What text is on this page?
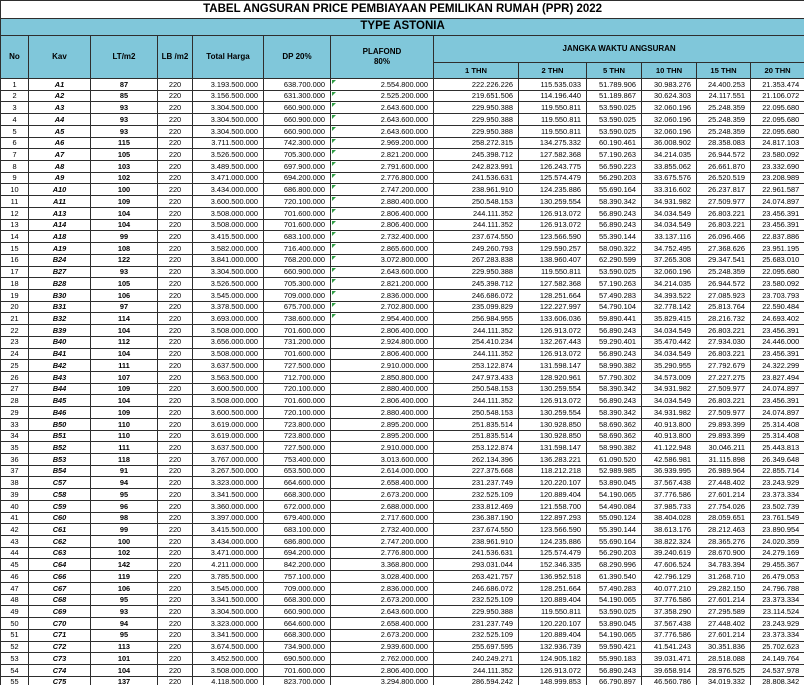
TABEL ANGSURAN PRICE PEMBIAYAAN PEMILIKAN RUMAH (PPR) 2022												
TYPE ASTONIA												
No	Kav	LT/m2	LB /m2	Total Harga	DP 20%	PLAFOND
80%	JANGKA WAKTU ANGSURAN					
							1 THN	2 THN	5 THN	10 THN	15 THN	20 THN
1	A1	87	220	3.193.500.000	638.700.000	2.554.800.000	222.226.226	115.535.033	51.789.906	30.983.276	24.400.253	21.353.474
2	A2	85	220	3.156.500.000	631.300.000	2.525.200.000	219.651.506	114.196.440	51.189.867	30.624.303	24.117.551	21.106.072
3	A3	93	220	3.304.500.000	660.900.000	2.643.600.000	229.950.388	119.550.811	53.590.025	32.060.196	25.248.359	22.095.680
4	A4	93	220	3.304.500.000	660.900.000	2.643.600.000	229.950.388	119.550.811	53.590.025	32.060.196	25.248.359	22.095.680
5	A5	93	220	3.304.500.000	660.900.000	2.643.600.000	229.950.388	119.550.811	53.590.025	32.060.196	25.248.359	22.095.680
6	A6	115	220	3.711.500.000	742.300.000	2.969.200.000	258.272.315	134.275.332	60.190.461	36.008.902	28.358.083	24.817.103
7	A7	105	220	3.526.500.000	705.300.000	2.821.200.000	245.398.712	127.582.368	57.190.263	34.214.035	26.944.572	23.580.092
8	A8	103	220	3.489.500.000	697.900.000	2.791.600.000	242.823.991	126.243.775	56.590.223	33.855.062	26.661.870	23.332.690
9	A9	102	220	3.471.000.000	694.200.000	2.776.800.000	241.536.631	125.574.479	56.290.203	33.675.576	26.520.519	23.208.989
10	A10	100	220	3.434.000.000	686.800.000	2.747.200.000	238.961.910	124.235.886	55.690.164	33.316.602	26.237.817	22.961.587
11	A11	109	220	3.600.500.000	720.100.000	2.880.400.000	250.548.153	130.259.554	58.390.342	34.931.982	27.509.977	24.074.897
12	A13	104	220	3.508.000.000	701.600.000	2.806.400.000	244.111.352	126.913.072	56.890.243	34.034.549	26.803.221	23.456.391
13	A14	104	220	3.508.000.000	701.600.000	2.806.400.000	244.111.352	126.913.072	56.890.243	34.034.549	26.803.221	23.456.391
14	A18	99	220	3.415.500.000	683.100.000	2.732.400.000	237.674.550	123.566.590	55.390.144	33.137.116	26.096.466	22.837.886
15	A19	108	220	3.582.000.000	716.400.000	2.865.600.000	249.260.793	129.590.257	58.090.322	34.752.495	27.368.626	23.951.195
16	B24	122	220	3.841.000.000	768.200.000	3.072.800.000	267.283.838	138.960.407	62.290.599	37.265.308	29.347.541	25.683.010
17	B27	93	220	3.304.500.000	660.900.000	2.643.600.000	229.950.388	119.550.811	53.590.025	32.060.196	25.248.359	22.095.680
18	B28	105	220	3.526.500.000	705.300.000	2.821.200.000	245.398.712	127.582.368	57.190.263	34.214.035	26.944.572	23.580.092
19	B30	106	220	3.545.000.000	709.000.000	2.836.000.000	246.686.072	128.251.664	57.490.283	34.393.522	27.085.923	23.703.793
20	B31	97	220	3.378.500.000	675.700.000	2.702.800.000	235.099.829	122.227.997	54.790.104	32.778.142	25.813.764	22.590.484
21	B32	114	220	3.693.000.000	738.600.000	2.954.400.000	256.984.955	133.606.036	59.890.441	35.829.415	28.216.732	24.693.402
22	B39	104	220	3.508.000.000	701.600.000	2.806.400.000	244.111.352	126.913.072	56.890.243	34.034.549	26.803.221	23.456.391
23	B40	112	220	3.656.000.000	731.200.000	2.924.800.000	254.410.234	132.267.443	59.290.401	35.470.442	27.934.030	24.446.000
24	B41	104	220	3.508.000.000	701.600.000	2.806.400.000	244.111.352	126.913.072	56.890.243	34.034.549	26.803.221	23.456.391
25	B42	111	220	3.637.500.000	727.500.000	2.910.000.000	253.122.874	131.598.147	58.990.382	35.290.955	27.792.679	24.322.299
26	B43	107	220	3.563.500.000	712.700.000	2.850.800.000	247.973.433	128.920.961	57.790.302	34.573.009	27.227.275	23.827.494
27	B44	109	220	3.600.500.000	720.100.000	2.880.400.000	250.548.153	130.259.554	58.390.342	34.931.982	27.509.977	24.074.897
28	B45	104	220	3.508.000.000	701.600.000	2.806.400.000	244.111.352	126.913.072	56.890.243	34.034.549	26.803.221	23.456.391
29	B46	109	220	3.600.500.000	720.100.000	2.880.400.000	250.548.153	130.259.554	58.390.342	34.931.982	27.509.977	24.074.897
33	B50	110	220	3.619.000.000	723.800.000	2.895.200.000	251.835.514	130.928.850	58.690.362	40.913.800	29.893.399	25.314.408
34	B51	110	220	3.619.000.000	723.800.000	2.895.200.000	251.835.514	130.928.850	58.690.362	40.913.800	29.893.399	25.314.408
35	B52	111	220	3.637.500.000	727.500.000	2.910.000.000	253.122.874	131.598.147	58.990.382	41.122.948	30.046.211	25.443.813
36	B53	118	220	3.767.000.000	753.400.000	3.013.600.000	262.134.396	136.283.221	61.090.520	42.586.981	31.115.898	26.349.648
37	B54	91	220	3.267.500.000	653.500.000	2.614.000.000	227.375.668	118.212.218	52.989.985	36.939.995	26.989.964	22.855.714
38	C57	94	220	3.323.000.000	664.600.000	2.658.400.000	231.237.749	120.220.107	53.890.045	37.567.438	27.448.402	23.243.929
39	C58	95	220	3.341.500.000	668.300.000	2.673.200.000	232.525.109	120.889.404	54.190.065	37.776.586	27.601.214	23.373.334
40	C59	96	220	3.360.000.000	672.000.000	2.688.000.000	233.812.469	121.558.700	54.490.084	37.985.733	27.754.026	23.502.739
41	C60	98	220	3.397.000.000	679.400.000	2.717.600.000	236.387.190	122.897.293	55.090.124	38.404.028	28.059.651	23.761.549
42	C61	99	220	3.415.500.000	683.100.000	2.732.400.000	237.674.550	123.566.590	55.390.144	38.613.176	28.212.463	23.890.954
43	C62	100	220	3.434.000.000	686.800.000	2.747.200.000	238.961.910	124.235.886	55.690.164	38.822.324	28.365.276	24.020.359
44	C63	102	220	3.471.000.000	694.200.000	2.776.800.000	241.536.631	125.574.479	56.290.203	39.240.619	28.670.900	24.279.169
45	C64	142	220	4.211.000.000	842.200.000	3.368.800.000	293.031.044	152.346.335	68.290.996	47.606.524	34.783.394	29.455.367
46	C66	119	220	3.785.500.000	757.100.000	3.028.400.000	263.421.757	136.952.518	61.390.540	42.796.129	31.268.710	26.479.053
47	C67	106	220	3.545.000.000	709.000.000	2.836.000.000	246.686.072	128.251.664	57.490.283	40.077.210	29.282.150	24.796.788
48	C68	95	220	3.341.500.000	668.300.000	2.673.200.000	232.525.109	120.889.404	54.190.065	37.776.586	27.601.214	23.373.334
49	C69	93	220	3.304.500.000	660.900.000	2.643.600.000	229.950.388	119.550.811	53.590.025	37.358.290	27.295.589	23.114.524
50	C70	94	220	3.323.000.000	664.600.000	2.658.400.000	231.237.749	120.220.107	53.890.045	37.567.438	27.448.402	23.243.929
51	C71	95	220	3.341.500.000	668.300.000	2.673.200.000	232.525.109	120.889.404	54.190.065	37.776.586	27.601.214	23.373.334
52	C72	113	220	3.674.500.000	734.900.000	2.939.600.000	255.697.595	132.936.739	59.590.421	41.541.243	30.351.836	25.702.623
53	C73	101	220	3.452.500.000	690.500.000	2.762.000.000	240.249.271	124.905.182	55.990.183	39.031.471	28.518.088	24.149.764
54	C74	104	220	3.508.000.000	701.600.000	2.806.400.000	244.111.352	126.913.072	56.890.243	39.658.914	28.976.525	24.537.978
55	C75	137	220	4.118.500.000	823.700.000	3.294.800.000	286.594.242	148.999.853	66.790.897	46.560.786	34.019.332	28.808.342
